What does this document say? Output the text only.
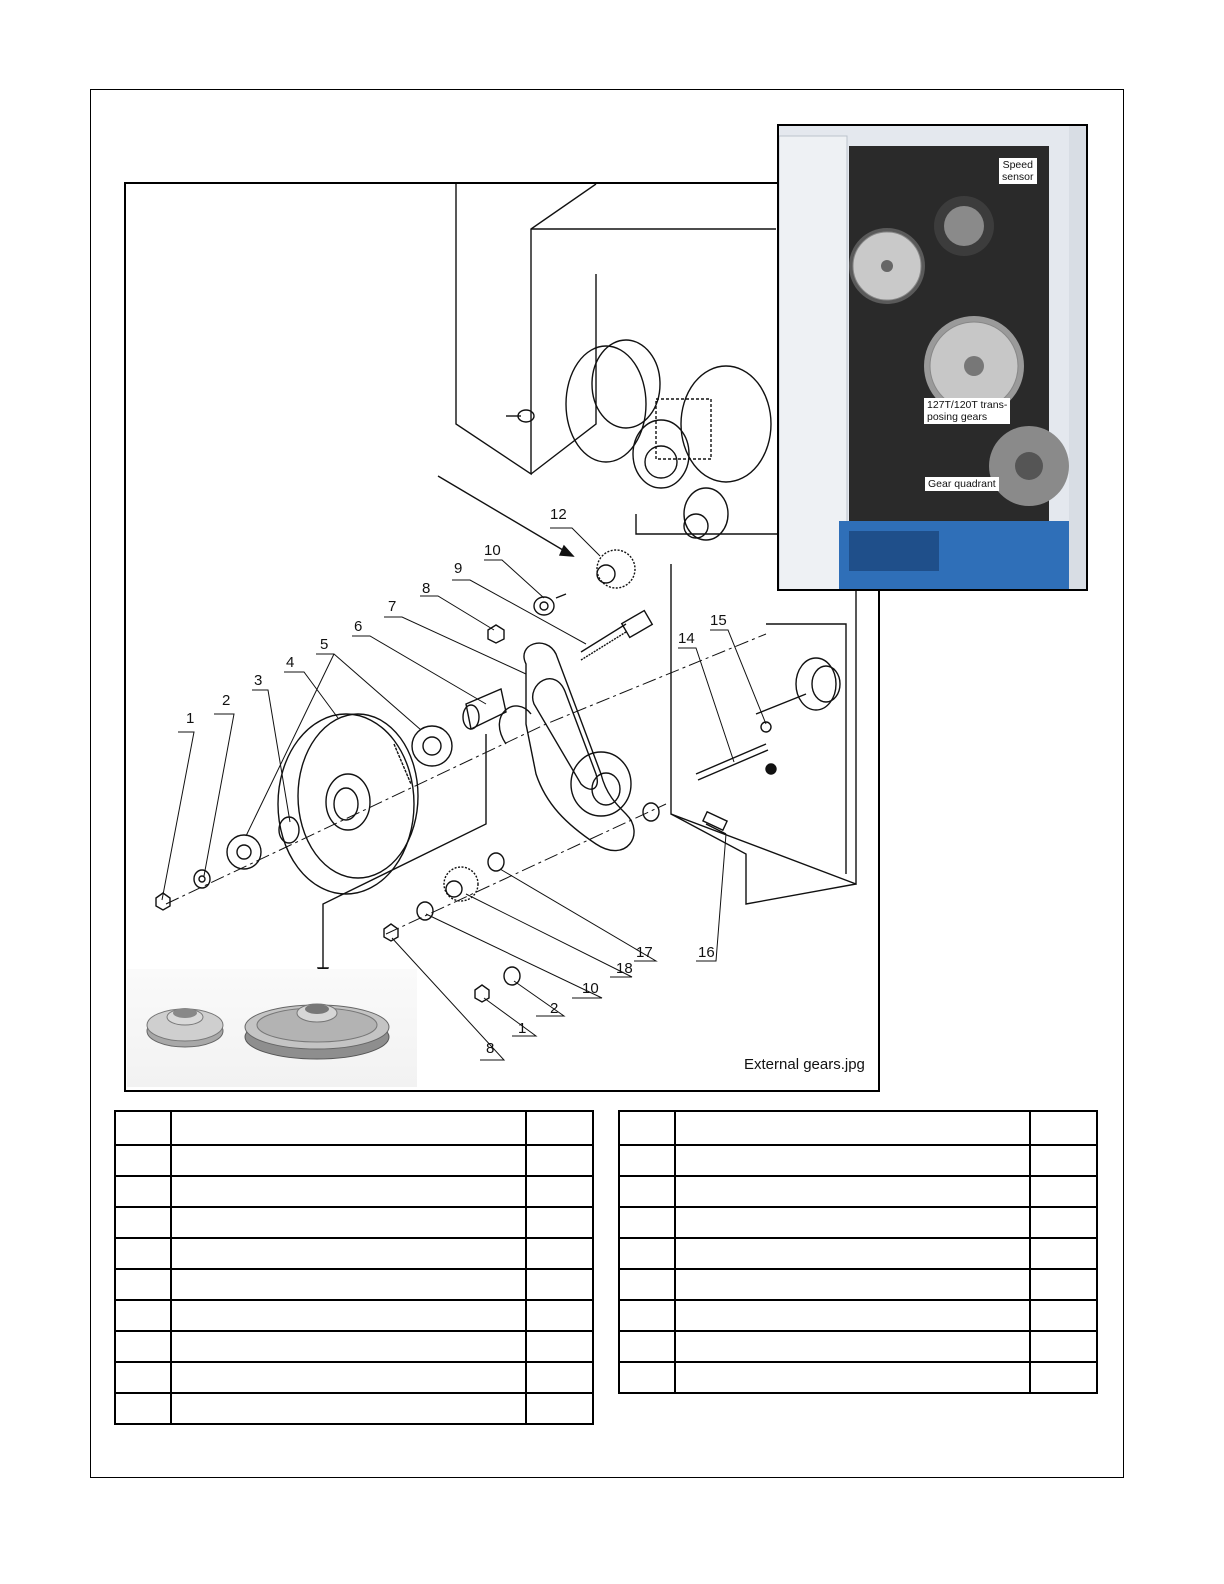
1
2
3
4
5
6
7
8
9
10
12
14
15
16
17
18
10
2
1
8
External gears.jpg
Speed
sensor
127T/120T trans-
posing gears
Gear quadrant
